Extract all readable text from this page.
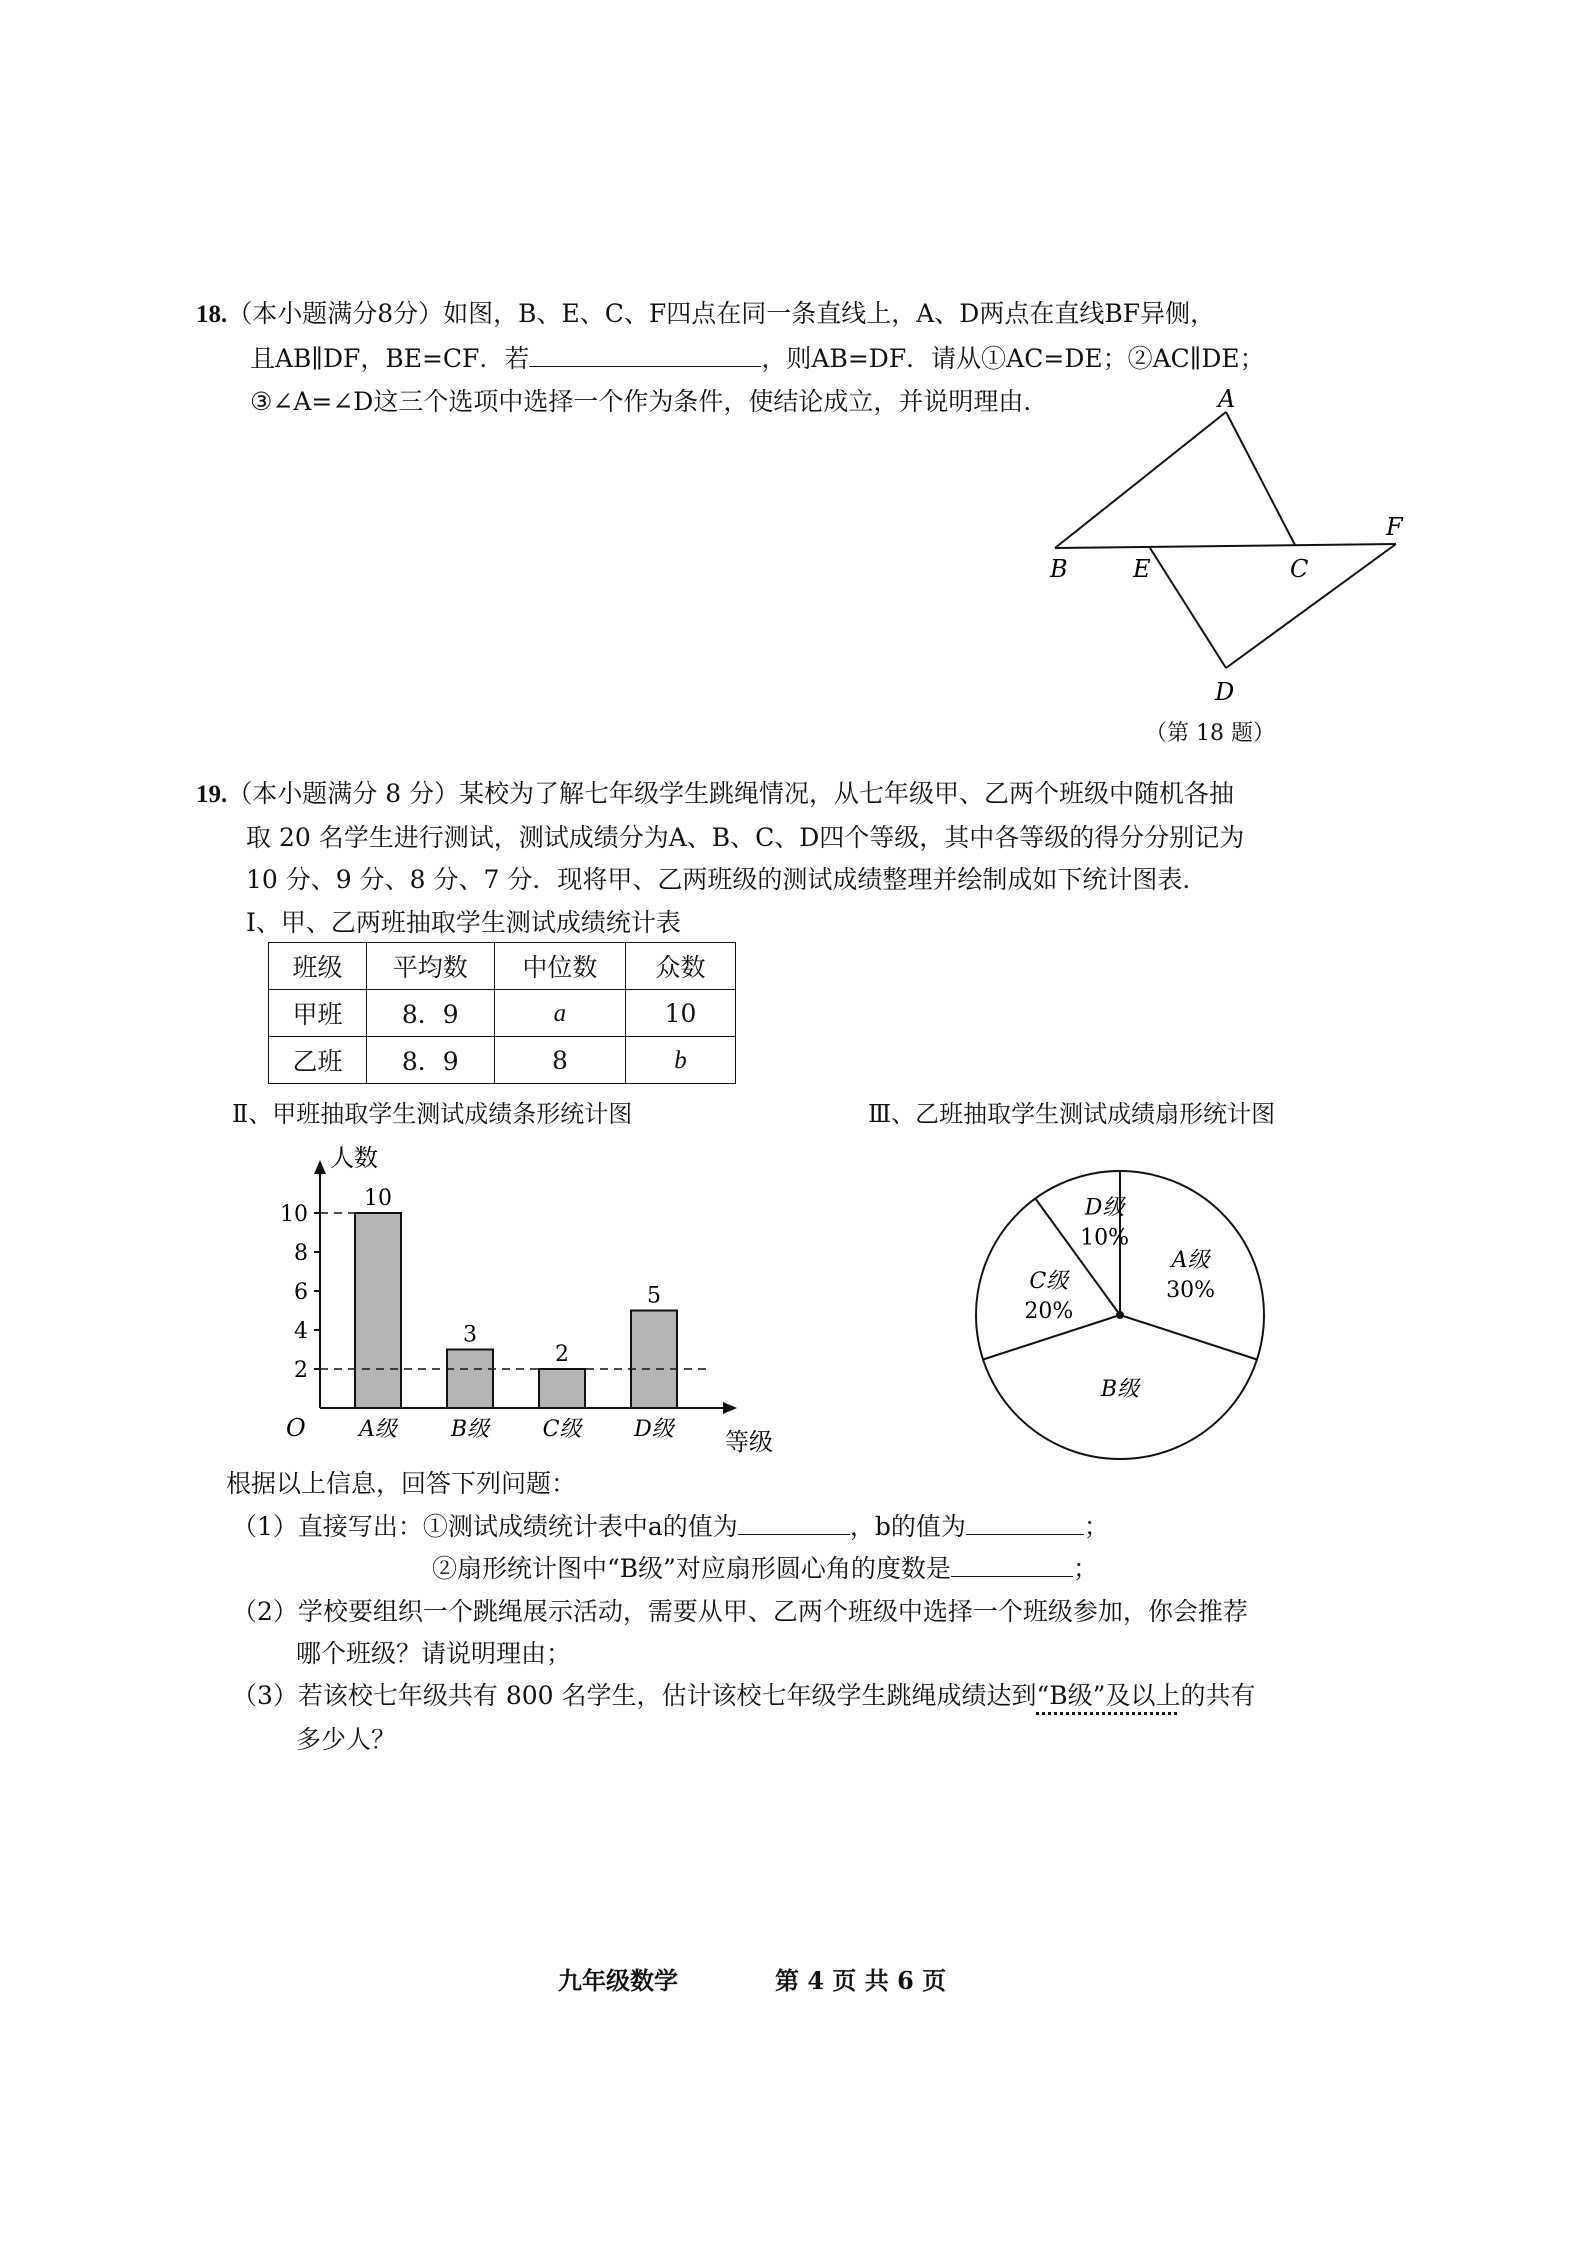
18.（本小题满分8分）如图，B、E、C、F四点在同一条直线上，A、D两点在直线BF异侧，
且AB∥DF，BE=CF．若	，则AB=DF．请从①AC=DE；②AC∥DE；
③∠A=∠D这三个选项中选择一个作为条件，使结论成立，并说明理由．	A
B	E	C
F
D
（第 18 题）
19.（本小题满分 8 分）某校为了解七年级学生跳绳情况，从七年级甲、乙两个班级中随机各抽
取 20 名学生进行测试，测试成绩分为A、B、C、D四个等级，其中各等级的得分分别记为
10 分、9 分、8 分、7 分．现将甲、乙两班级的测试成绩整理并绘制成如下统计图表．
Ⅰ、甲、乙两班抽取学生测试成绩统计表
班级	平均数	中位数	众数
甲班	8．9	a	10
乙班	8．9	8	b
Ⅱ、甲班抽取学生测试成绩条形统计图	Ⅲ、乙班抽取学生测试成绩扇形统计图
人数
等级
O
2
4
6
8
10
10
A级
3
B级
2
C级
5
D级
A级
30%
B级
C级
20%
D级
10%
根据以上信息，回答下列问题：
（1）直接写出：①测试成绩统计表中a的值为	，b的值为	；
②扇形统计图中“B级”对应扇形圆心角的度数是	；
（2）学校要组织一个跳绳展示活动，需要从甲、乙两个班级中选择一个班级参加，你会推荐
哪个班级？请说明理由；
（3）若该校七年级共有 800 名学生，估计该校七年级学生跳绳成绩达到“B级”及以上的共有
多少人？
九年级数学	第 4 页 共 6 页
